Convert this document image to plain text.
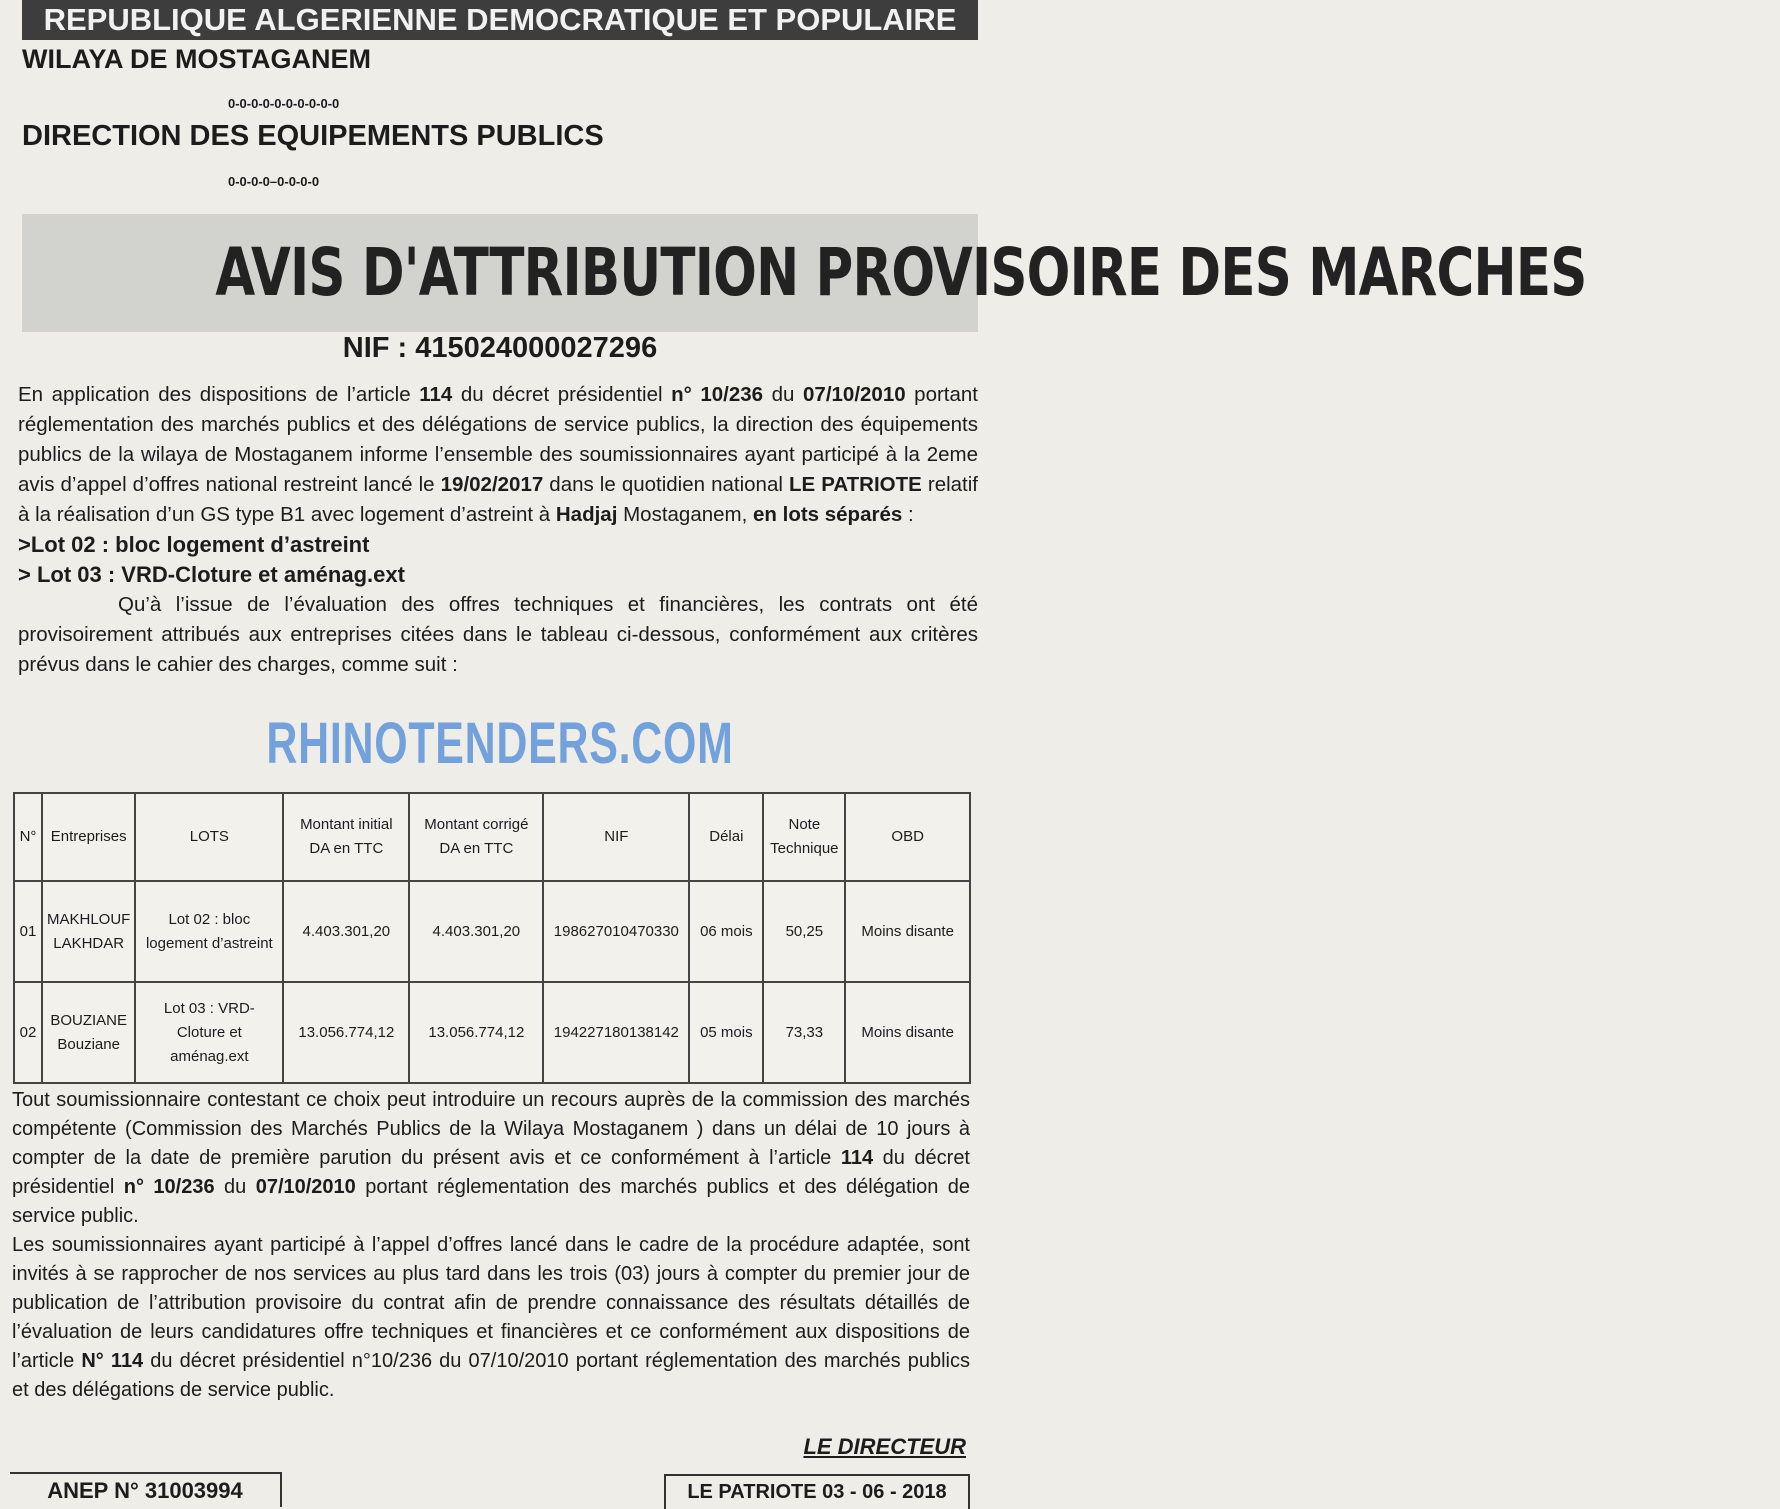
REPUBLIQUE ALGERIENNE DEMOCRATIQUE ET POPULAIRE
WILAYA DE MOSTAGANEM
0-0-0-0-0-0-0-0-0-0
DIRECTION DES EQUIPEMENTS PUBLICS
0-0-0-0–0-0-0-0
AVIS D'ATTRIBUTION PROVISOIRE DES MARCHES
NIF : 415024000027296

En application des dispositions de l’article 114 du décret présidentiel n° 10/236 du 07/10/2010 portant réglementation des marchés publics et des délégations de service publics, la direction des équipements publics de la wilaya de Mostaganem informe l’ensemble des soumissionnaires ayant participé à la 2eme avis d’appel d’offres national restreint lancé le 19/02/2017 dans le quotidien national LE PATRIOTE relatif à la réalisation d’un GS type B1 avec logement d’astreint à Hadjaj Mostaganem, en lots séparés :

>Lot 02 : bloc logement d’astreint

> Lot 03 : VRD-Cloture et aménag.ext

Qu’à l’issue de l’évaluation des offres techniques et financières, les contrats ont été provisoirement attribués aux entreprises citées dans le tableau ci-dessous, conformément aux critères prévus dans le cahier des charges, comme suit :

RHINOTENDERS.COM
N°	Entreprises	LOTS	Montant initial DA en TTC	Montant corrigé DA en TTC	NIF	Délai	Note Technique	OBD
01	MAKHLOUF LAKHDAR	Lot 02 : bloc logement d’astreint	4.403.301,20	4.403.301,20	198627010470330	06 mois	50,25	Moins disante
02	BOUZIANE Bouziane	Lot 03 : VRD-Cloture et aménag.ext	13.056.774,12	13.056.774,12	194227180138142	05 mois	73,33	Moins disante

Tout soumissionnaire contestant ce choix peut introduire un recours auprès de la commission des marchés compétente (Commission des Marchés Publics de la Wilaya Mostaganem ) dans un délai de 10 jours à compter de la date de première parution du présent avis et ce conformément à l’article 114 du décret présidentiel n° 10/236 du 07/10/2010 portant réglementation des marchés publics et des délégation de service public.

Les soumissionnaires ayant participé à l’appel d’offres lancé dans le cadre de la procédure adaptée, sont invités à se rapprocher de nos services au plus tard dans les trois (03) jours à compter du premier jour de publication de l’attribution provisoire du contrat afin de prendre connaissance des résultats détaillés de l’évaluation de leurs candidatures offre techniques et financières et ce conformément aux dispositions de l’article N° 114 du décret présidentiel n°10/236 du 07/10/2010 portant réglementation des marchés publics et des délégations de service public.

LE DIRECTEUR
ANEP N° 31003994	LE PATRIOTE 03 - 06 - 2018
